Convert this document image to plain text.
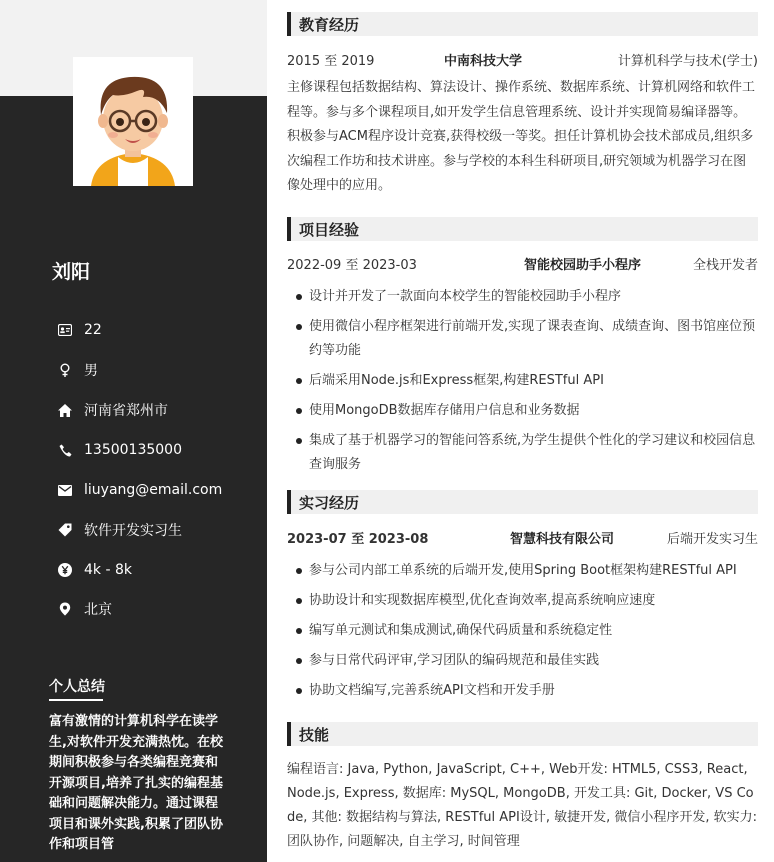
刘阳
22
男
河南省郑州市
13500135000
liuyang@email.com
软件开发实习生
4k - 8k
北京
个人总结
富有激情的计算机科学在读学生,对软件开发充满热忱。在校期间积极参与各类编程竞赛和开源项目,培养了扎实的编程基础和问题解决能力。通过课程项目和课外实践,积累了团队协作和项目管
教育经历
2015 至 2019	中南科技大学	计算机科学与技术(学士)
主修课程包括数据结构、算法设计、操作系统、数据库系统、计算机网络和软件工程等。参与多个课程项目,如开发学生信息管理系统、设计并实现简易编译器等。积极参与ACM程序设计竞赛,获得校级一等奖。担任计算机协会技术部成员,组织多次编程工作坊和技术讲座。参与学校的本科生科研项目,研究领域为机器学习在图像处理中的应用。
项目经验
2022-09 至 2023-03	智能校园助手小程序	全栈开发者
设计并开发了一款面向本校学生的智能校园助手小程序
使用微信小程序框架进行前端开发,实现了课表查询、成绩查询、图书馆座位预约等功能
后端采用Node.js和Express框架,构建RESTful API
使用MongoDB数据库存储用户信息和业务数据
集成了基于机器学习的智能问答系统,为学生提供个性化的学习建议和校园信息查询服务
实习经历
2023-07 至 2023-08	智慧科技有限公司	后端开发实习生
参与公司内部工单系统的后端开发,使用Spring Boot框架构建RESTful API
协助设计和实现数据库模型,优化查询效率,提高系统响应速度
编写单元测试和集成测试,确保代码质量和系统稳定性
参与日常代码评审,学习团队的编码规范和最佳实践
协助文档编写,完善系统API文档和开发手册
技能
编程语言: Java, Python, JavaScript, C++, Web开发: HTML5, CSS3, React, Node.js, Express, 数据库: MySQL, MongoDB, 开发工具: Git, Docker, VS Code, 其他: 数据结构与算法, RESTful API设计, 敏捷开发, 微信小程序开发, 软实力: 团队协作, 问题解决, 自主学习, 时间管理
